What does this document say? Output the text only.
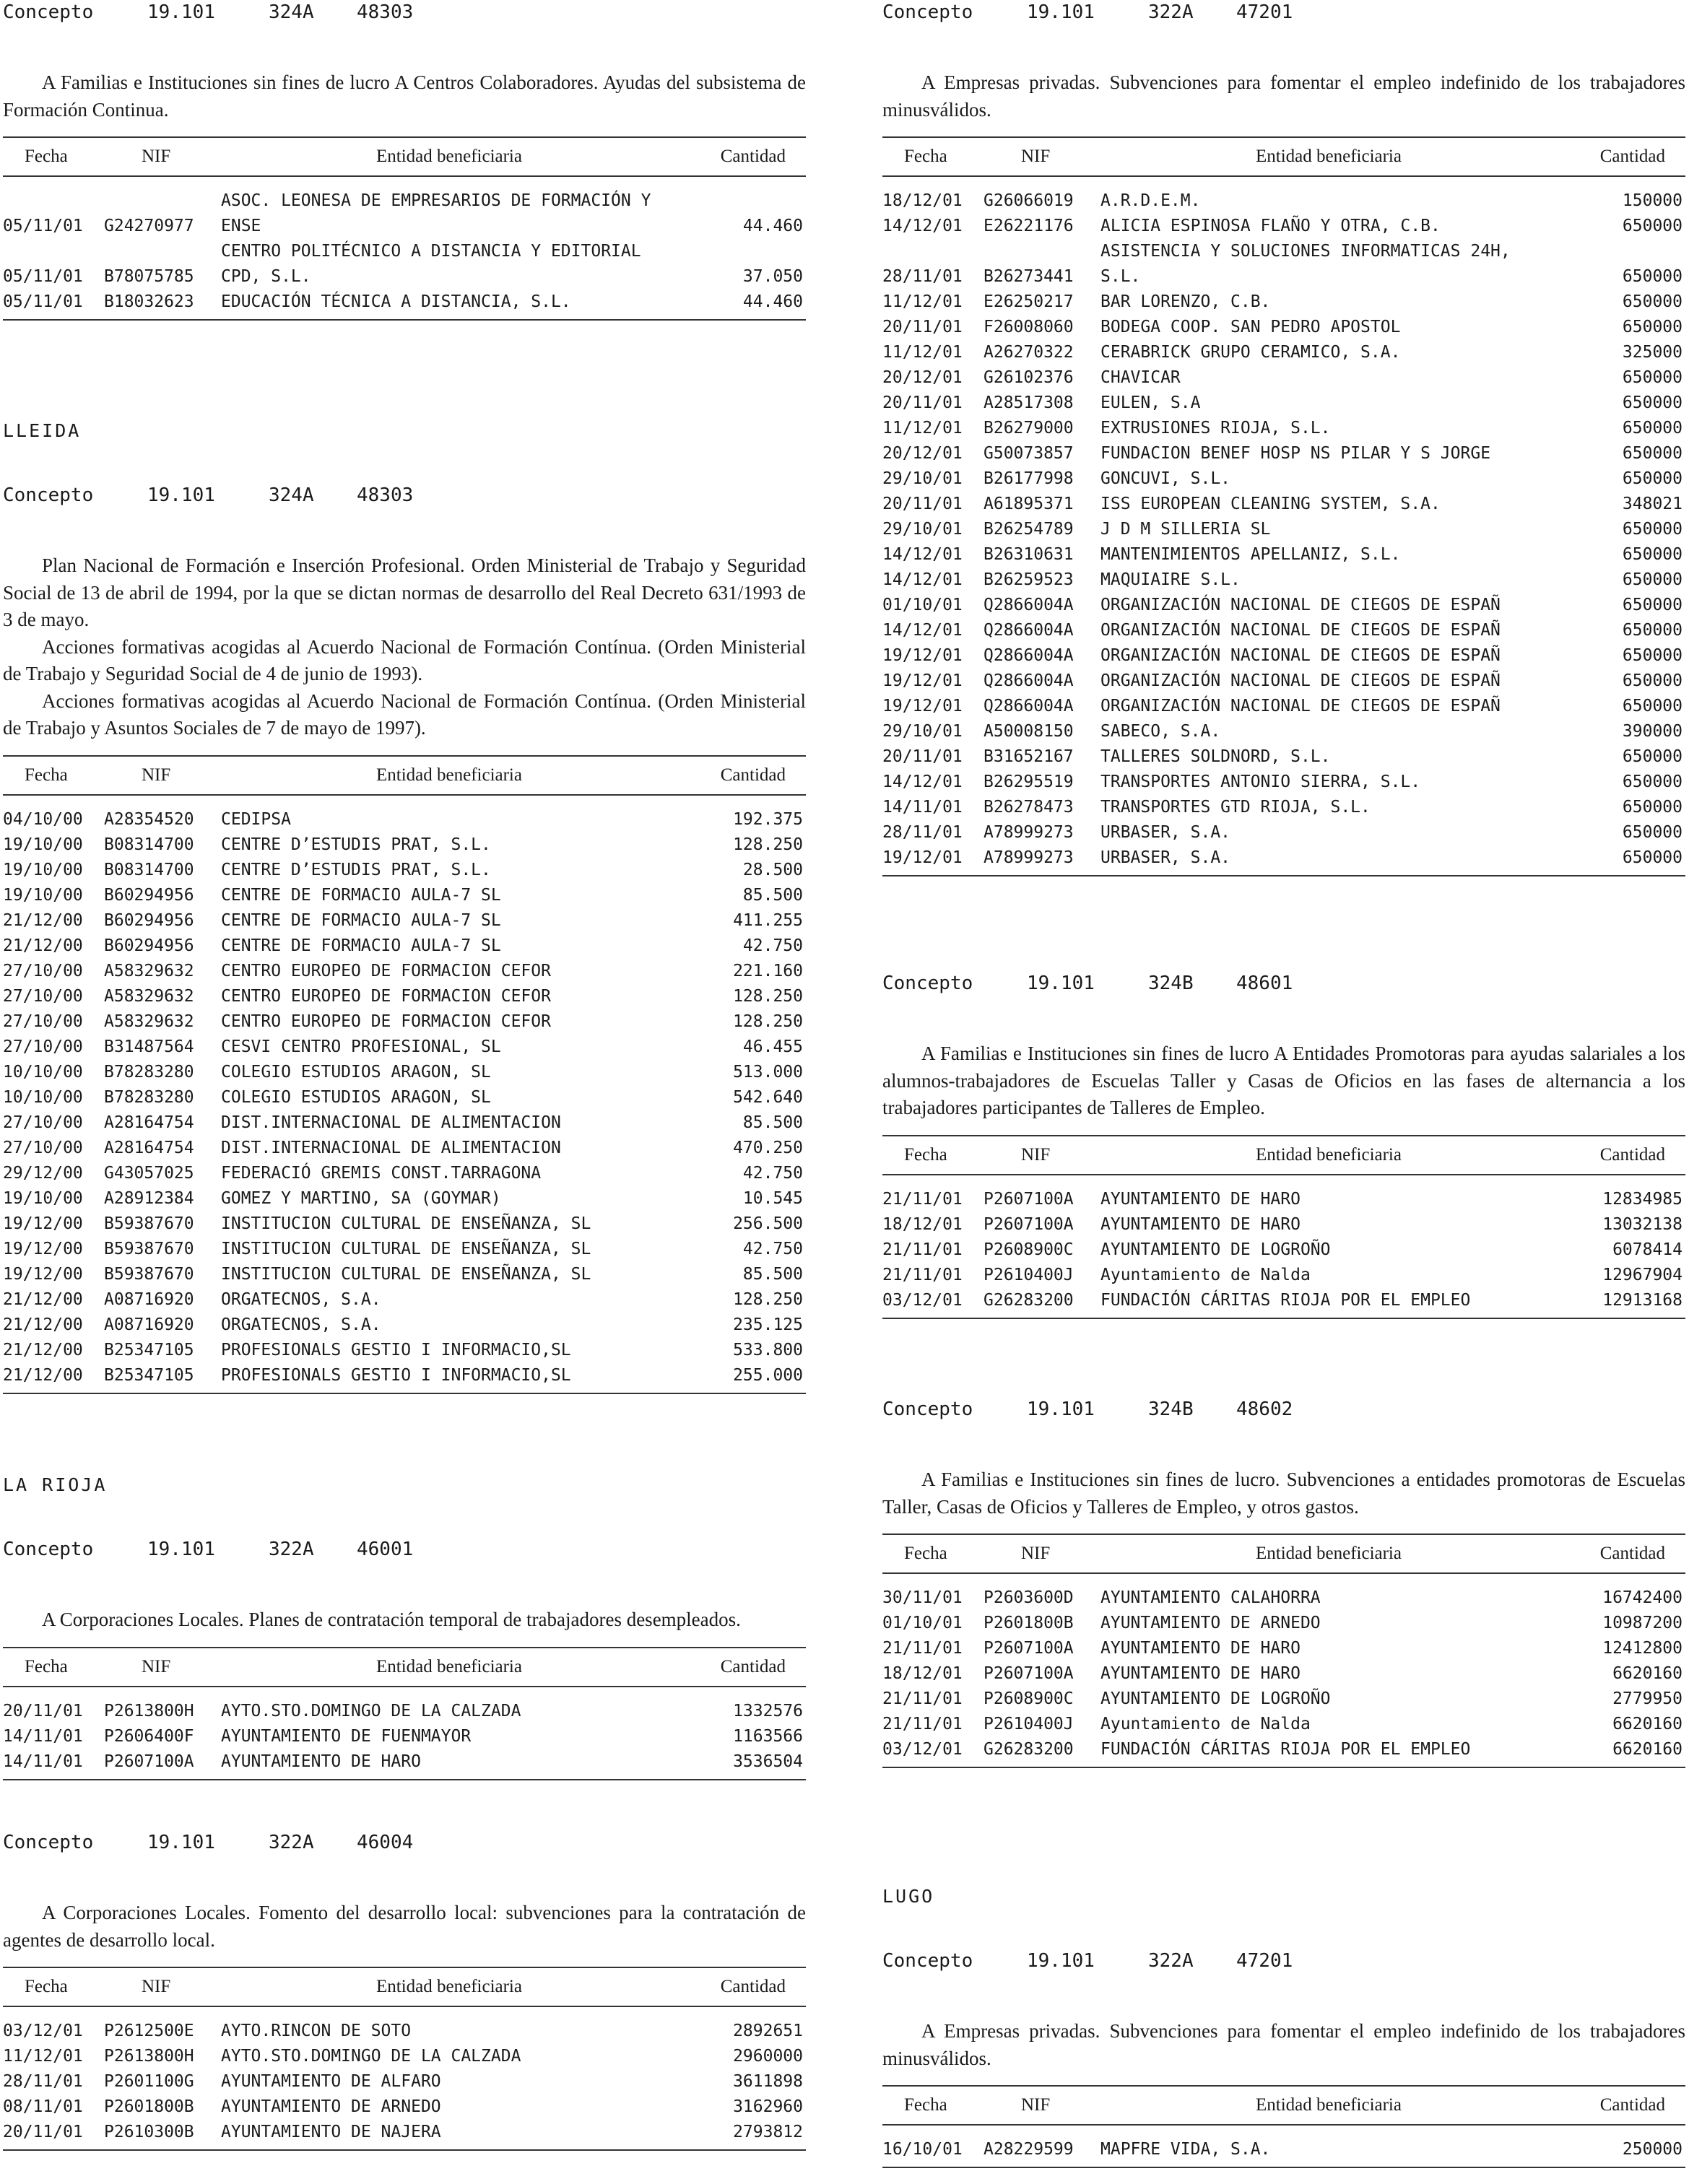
Concepto	19.101	324A 48303

A Familias e Instituciones sin fines de lucro A Centros Colaboradores. Ayudas del subsistema de Formación Continua.

Fecha	NIF	Entidad beneficiaria	Cantidad
05/11/01	G24270977	ASOC. LEONESA DE EMPRESARIOS DE FORMACIÓN Y ENSE	44.460
05/11/01	B78075785	CENTRO POLITÉCNICO A DISTANCIA Y EDITORIAL CPD, S.L.	37.050
05/11/01	B18032623	EDUCACIÓN TÉCNICA A DISTANCIA, S.L.	44.460
LLEIDA
Concepto	19.101	324A 48303

Plan Nacional de Formación e Inserción Profesional. Orden Ministerial de Trabajo y Seguridad Social de 13 de abril de 1994, por la que se dictan normas de desarrollo del Real Decreto 631/1993 de 3 de mayo.

Acciones formativas acogidas al Acuerdo Nacional de Formación Contínua. (Orden Ministerial de Trabajo y Seguridad Social de 4 de junio de 1993).

Acciones formativas acogidas al Acuerdo Nacional de Formación Contínua. (Orden Ministerial de Trabajo y Asuntos Sociales de 7 de mayo de 1997).

Fecha	NIF	Entidad beneficiaria	Cantidad
04/10/00	A28354520	CEDIPSA	192.375
19/10/00	B08314700	CENTRE D’ESTUDIS PRAT, S.L.	128.250
19/10/00	B08314700	CENTRE D’ESTUDIS PRAT, S.L.	28.500
19/10/00	B60294956	CENTRE DE FORMACIO AULA-7 SL	85.500
21/12/00	B60294956	CENTRE DE FORMACIO AULA-7 SL	411.255
21/12/00	B60294956	CENTRE DE FORMACIO AULA-7 SL	42.750
27/10/00	A58329632	CENTRO EUROPEO DE FORMACION CEFOR	221.160
27/10/00	A58329632	CENTRO EUROPEO DE FORMACION CEFOR	128.250
27/10/00	A58329632	CENTRO EUROPEO DE FORMACION CEFOR	128.250
27/10/00	B31487564	CESVI CENTRO PROFESIONAL, SL	46.455
10/10/00	B78283280	COLEGIO ESTUDIOS ARAGON, SL	513.000
10/10/00	B78283280	COLEGIO ESTUDIOS ARAGON, SL	542.640
27/10/00	A28164754	DIST.INTERNACIONAL DE ALIMENTACION	85.500
27/10/00	A28164754	DIST.INTERNACIONAL DE ALIMENTACION	470.250
29/12/00	G43057025	FEDERACIÓ GREMIS CONST.TARRAGONA	42.750
19/10/00	A28912384	GOMEZ Y MARTINO, SA (GOYMAR)	10.545
19/12/00	B59387670	INSTITUCION CULTURAL DE ENSEÑANZA, SL	256.500
19/12/00	B59387670	INSTITUCION CULTURAL DE ENSEÑANZA, SL	42.750
19/12/00	B59387670	INSTITUCION CULTURAL DE ENSEÑANZA, SL	85.500
21/12/00	A08716920	ORGATECNOS, S.A.	128.250
21/12/00	A08716920	ORGATECNOS, S.A.	235.125
21/12/00	B25347105	PROFESIONALS GESTIO I INFORMACIO,SL	533.800
21/12/00	B25347105	PROFESIONALS GESTIO I INFORMACIO,SL	255.000
LA RIOJA
Concepto	19.101	322A 46001

A Corporaciones Locales. Planes de contratación temporal de trabajadores desempleados.

Fecha	NIF	Entidad beneficiaria	Cantidad
20/11/01	P2613800H	AYTO.STO.DOMINGO DE LA CALZADA	1332576
14/11/01	P2606400F	AYUNTAMIENTO DE FUENMAYOR	1163566
14/11/01	P2607100A	AYUNTAMIENTO DE HARO	3536504
Concepto	19.101	322A 46004

A Corporaciones Locales. Fomento del desarrollo local: subvenciones para la contratación de agentes de desarrollo local.

Fecha	NIF	Entidad beneficiaria	Cantidad
03/12/01	P2612500E	AYTO.RINCON DE SOTO	2892651
11/12/01	P2613800H	AYTO.STO.DOMINGO DE LA CALZADA	2960000
28/11/01	P2601100G	AYUNTAMIENTO DE ALFARO	3611898
08/11/01	P2601800B	AYUNTAMIENTO DE ARNEDO	3162960
20/11/01	P2610300B	AYUNTAMIENTO DE NAJERA	2793812
Concepto	19.101	322A 47201

A Empresas privadas. Subvenciones para fomentar el empleo indefinido de los trabajadores minusválidos.

Fecha	NIF	Entidad beneficiaria	Cantidad
18/12/01	G26066019	A.R.D.E.M.	150000
14/12/01	E26221176	ALICIA ESPINOSA FLAÑO Y OTRA, C.B.	650000
28/11/01	B26273441	ASISTENCIA Y SOLUCIONES INFORMATICAS 24H, S.L.	650000
11/12/01	E26250217	BAR LORENZO, C.B.	650000
20/11/01	F26008060	BODEGA COOP. SAN PEDRO APOSTOL	650000
11/12/01	A26270322	CERABRICK GRUPO CERAMICO, S.A.	325000
20/12/01	G26102376	CHAVICAR	650000
20/11/01	A28517308	EULEN, S.A	650000
11/12/01	B26279000	EXTRUSIONES RIOJA, S.L.	650000
20/12/01	G50073857	FUNDACION BENEF HOSP NS PILAR Y S JORGE	650000
29/10/01	B26177998	GONCUVI, S.L.	650000
20/11/01	A61895371	ISS EUROPEAN CLEANING SYSTEM, S.A.	348021
29/10/01	B26254789	J D M SILLERIA SL	650000
14/12/01	B26310631	MANTENIMIENTOS APELLANIZ, S.L.	650000
14/12/01	B26259523	MAQUIAIRE S.L.	650000
01/10/01	Q2866004A	ORGANIZACIÓN NACIONAL DE CIEGOS DE ESPAÑ	650000
14/12/01	Q2866004A	ORGANIZACIÓN NACIONAL DE CIEGOS DE ESPAÑ	650000
19/12/01	Q2866004A	ORGANIZACIÓN NACIONAL DE CIEGOS DE ESPAÑ	650000
19/12/01	Q2866004A	ORGANIZACIÓN NACIONAL DE CIEGOS DE ESPAÑ	650000
19/12/01	Q2866004A	ORGANIZACIÓN NACIONAL DE CIEGOS DE ESPAÑ	650000
29/10/01	A50008150	SABECO, S.A.	390000
20/11/01	B31652167	TALLERES SOLDNORD, S.L.	650000
14/12/01	B26295519	TRANSPORTES ANTONIO SIERRA, S.L.	650000
14/11/01	B26278473	TRANSPORTES GTD RIOJA, S.L.	650000
28/11/01	A78999273	URBASER, S.A.	650000
19/12/01	A78999273	URBASER, S.A.	650000
Concepto	19.101	324B 48601

A Familias e Instituciones sin fines de lucro A Entidades Promotoras para ayudas salariales a los alumnos-trabajadores de Escuelas Taller y Casas de Oficios en las fases de alternancia a los trabajadores participantes de Talleres de Empleo.

Fecha	NIF	Entidad beneficiaria	Cantidad
21/11/01	P2607100A	AYUNTAMIENTO DE HARO	12834985
18/12/01	P2607100A	AYUNTAMIENTO DE HARO	13032138
21/11/01	P2608900C	AYUNTAMIENTO DE LOGROÑO	6078414
21/11/01	P2610400J	Ayuntamiento de Nalda	12967904
03/12/01	G26283200	FUNDACIÓN CÁRITAS RIOJA POR EL EMPLEO	12913168
Concepto	19.101	324B 48602

A Familias e Instituciones sin fines de lucro. Subvenciones a entidades promotoras de Escuelas Taller, Casas de Oficios y Talleres de Empleo, y otros gastos.

Fecha	NIF	Entidad beneficiaria	Cantidad
30/11/01	P2603600D	AYUNTAMIENTO CALAHORRA	16742400
01/10/01	P2601800B	AYUNTAMIENTO DE ARNEDO	10987200
21/11/01	P2607100A	AYUNTAMIENTO DE HARO	12412800
18/12/01	P2607100A	AYUNTAMIENTO DE HARO	6620160
21/11/01	P2608900C	AYUNTAMIENTO DE LOGROÑO	2779950
21/11/01	P2610400J	Ayuntamiento de Nalda	6620160
03/12/01	G26283200	FUNDACIÓN CÁRITAS RIOJA POR EL EMPLEO	6620160
LUGO
Concepto	19.101	322A 47201

A Empresas privadas. Subvenciones para fomentar el empleo indefinido de los trabajadores minusválidos.

Fecha	NIF	Entidad beneficiaria	Cantidad
16/10/01	A28229599	MAPFRE VIDA, S.A.	250000
